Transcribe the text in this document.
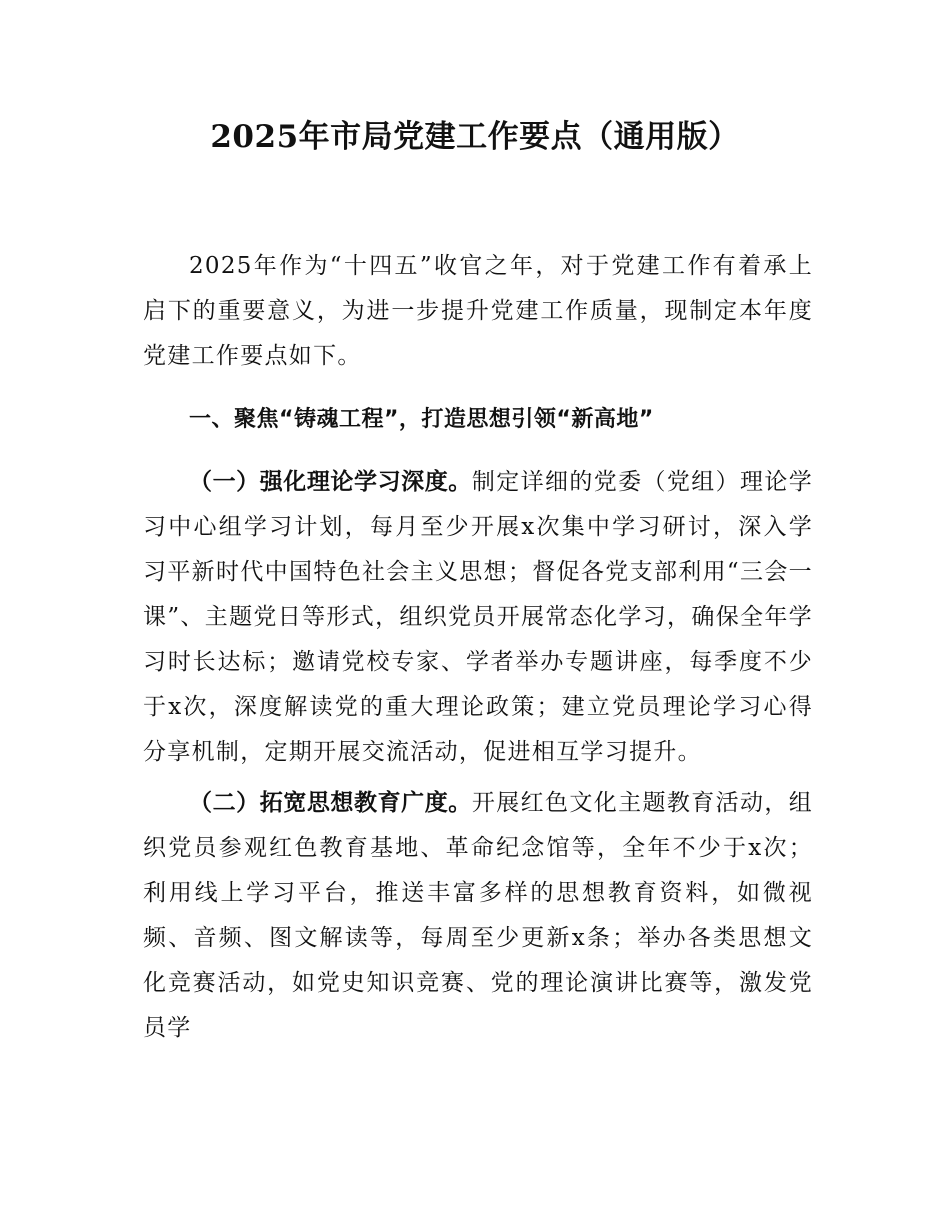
2025年市局党建工作要点（通用版）

2025年作为“十四五”收官之年，对于党建工作有着承上启下的重要意义，为进一步提升党建工作质量，现制定本年度党建工作要点如下。

一、聚焦“铸魂工程”，打造思想引领“新高地”

（一）强化理论学习深度。制定详细的党委（党组）理论学习中心组学习计划，每月至少开展x次集中学习研讨，深入学习平新时代中国特色社会主义思想；督促各党支部利用“三会一课”、主题党日等形式，组织党员开展常态化学习，确保全年学习时长达标；邀请党校专家、学者举办专题讲座，每季度不少于x次，深度解读党的重大理论政策；建立党员理论学习心得分享机制，定期开展交流活动，促进相互学习提升。

（二）拓宽思想教育广度。开展红色文化主题教育活动，组织党员参观红色教育基地、革命纪念馆等，全年不少于x次；利用线上学习平台，推送丰富多样的思想教育资料，如微视频、音频、图文解读等，每周至少更新x条；举办各类思想文化竞赛活动，如党史知识竞赛、党的理论演讲比赛等，激发党员学
